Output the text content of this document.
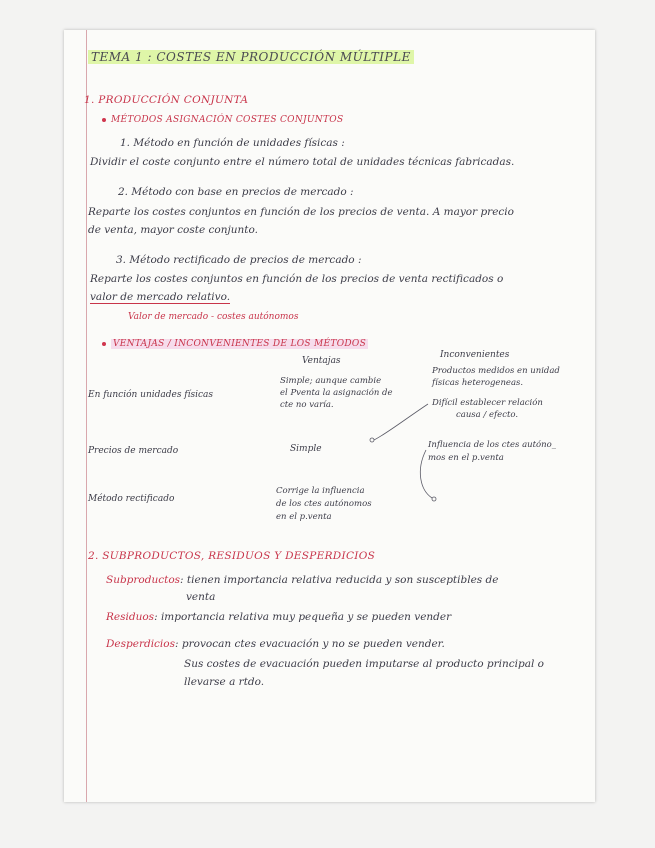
TEMA 1 : COSTES EN PRODUCCIÓN MÚLTIPLE
1. PRODUCCIÓN CONJUNTA
MÉTODOS ASIGNACIÓN COSTES CONJUNTOS
1. Método en función de unidades físicas :
Dividir el coste conjunto entre el número total de unidades técnicas fabricadas.
2. Método con base en precios de mercado :
Reparte los costes conjuntos en función de los precios de venta. A mayor precio
de venta, mayor coste conjunto.
3. Método rectificado de precios de mercado :
Reparte los costes conjuntos en función de los precios de venta rectificados o
valor de mercado relativo.
Valor de mercado - costes autónomos
VENTAJAS / INCONVENIENTES DE LOS MÉTODOS
Ventajas
Inconvenientes
En función unidades físicas
Simple; aunque cambie
el Pventa la asignación de
cte no varía.
Productos medidos en unidad
físicas heterogeneas.
Difícil establecer relación
causa / efecto.
Precios de mercado	Simple	Influencia de los ctes autóno_
mos en el p.venta
Método rectificado
Corrige la influencia
de los ctes autónomos
en el p.venta
2. SUBPRODUCTOS, RESIDUOS Y DESPERDICIOS
Subproductos: tienen importancia relativa reducida y son susceptibles de
venta
Residuos: importancia relativa muy pequeña y se pueden vender
Desperdicios: provocan ctes evacuación y no se pueden vender.
Sus costes de evacuación pueden imputarse al producto principal o
llevarse a rtdo.
